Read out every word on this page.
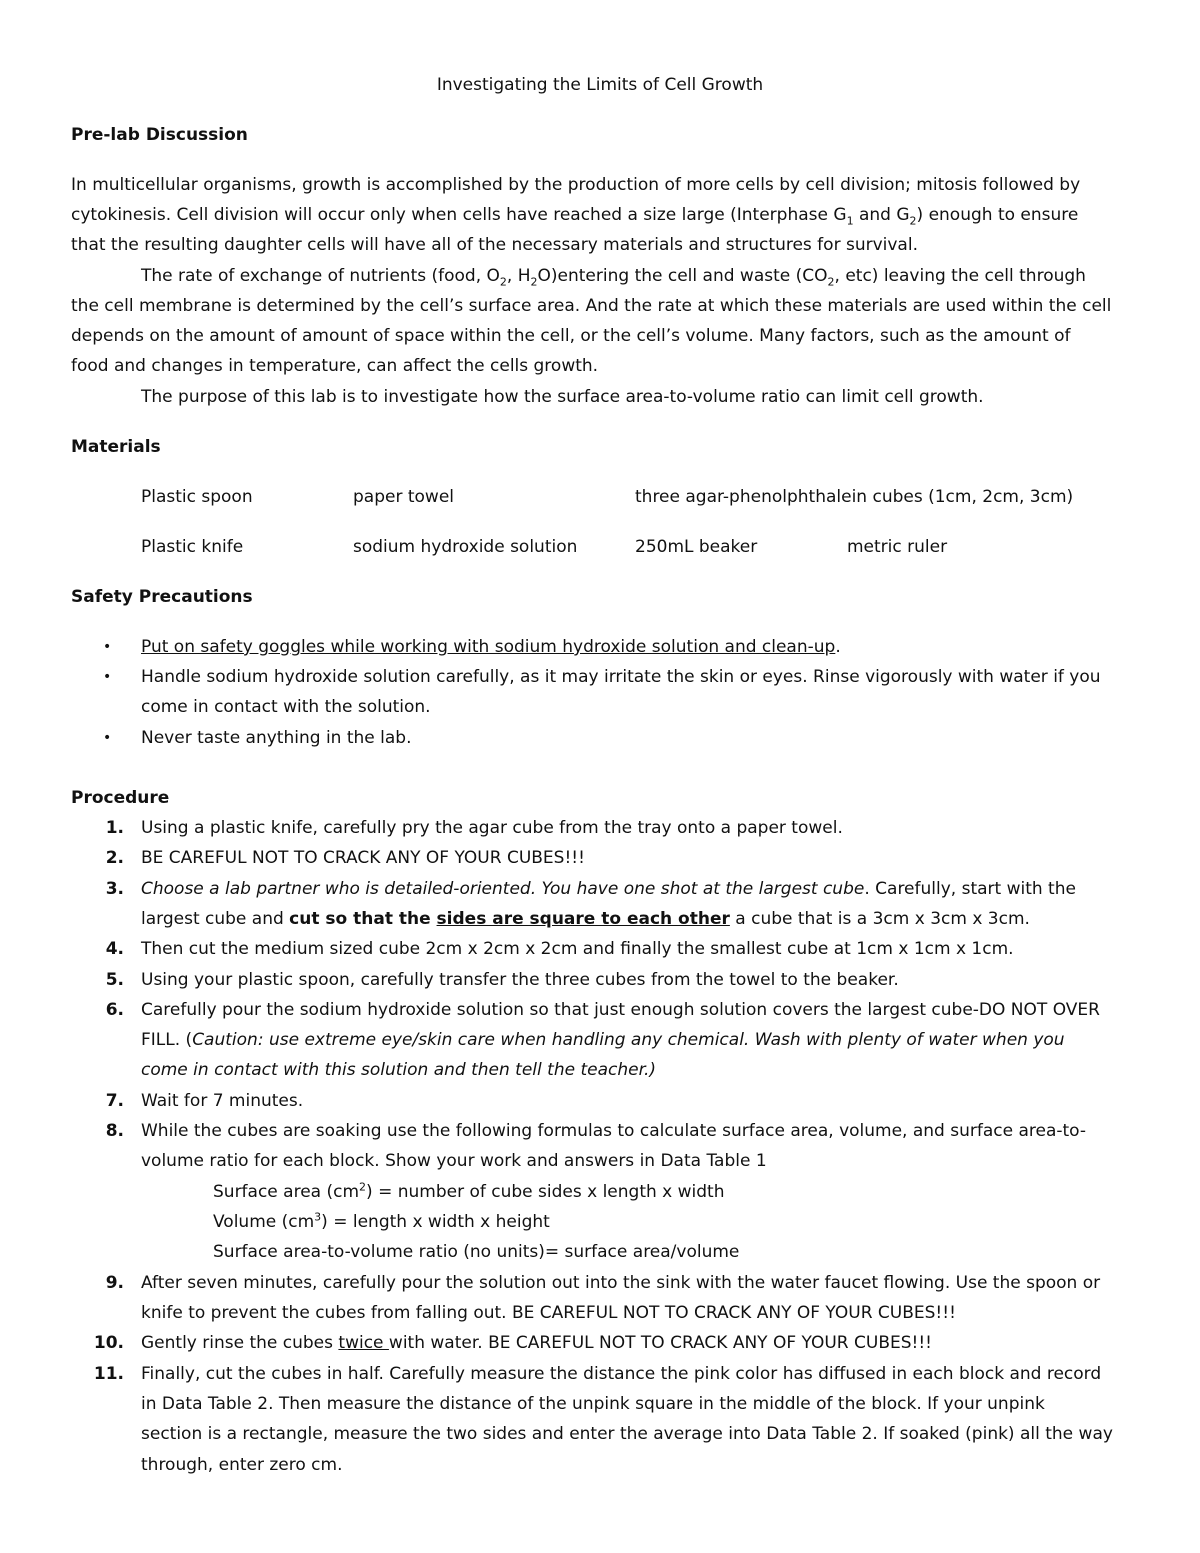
Investigating the Limits of Cell Growth
Pre-lab Discussion
In multicellular organisms, growth is accomplished by the production of more cells by cell division; mitosis followed by
cytokinesis. Cell division will occur only when cells have reached a size large (Interphase $G_1$ and $G_2$) enough to ensure
that the resulting daughter cells will have all of the necessary materials and structures for survival.
The rate of exchange of nutrients (food, $O_2$, $H_2O)entering$ the cell and waste ($CO_2$, etc) leaving the cell through
the cell membrane is determined by the cell’s surface area. And the rate at which these materials are used within the cell
depends on the amount of amount of space within the cell, or the cell’s volume. Many factors, such as the amount of
food and changes in temperature, can affect the cells growth.
The purpose of this lab is to investigate how the surface area-to-volume ratio can limit cell growth.
Materials
Plastic spoon	paper towel	three agar-phenolphthalein cubes (1cm, 2cm, 3cm)
Plastic knife	sodium hydroxide solution	250mL beaker	metric ruler
Safety Precautions
• Put on safety goggles while working with sodium hydroxide solution and clean-up.
• Handle sodium hydroxide solution carefully, as it may irritate the skin or eyes. Rinse vigorously with water if you
come in contact with the solution.
• Never taste anything in the lab.
Procedure
1. Using a plastic knife, carefully pry the agar cube from the tray onto a paper towel.
2. BE CAREFUL NOT TO CRACK ANY OF YOUR CUBES!!!
3. Choose a lab partner who is detailed-oriented. You have one shot at the largest cube. Carefully, start with the
largest cube and cut so that the sides are square to each other a cube that is a 3cm x 3cm x 3cm.
4. Then cut the medium sized cube 2cm x 2cm x 2cm and finally the smallest cube at 1cm x 1cm x 1cm.
5. Using your plastic spoon, carefully transfer the three cubes from the towel to the beaker.
6. Carefully pour the sodium hydroxide solution so that just enough solution covers the largest cube-DO NOT OVER
FILL. (Caution: use extreme eye/skin care when handling any chemical. Wash with plenty of water when you
come in contact with this solution and then tell the teacher.)
7. Wait for 7 minutes.
8. While the cubes are soaking use the following formulas to calculate surface area, volume, and surface area-to-
volume ratio for each block. Show your work and answers in Data Table 1
Surface area $(cm^2)$ = number of cube sides x length x width
Volume $(cm^3)$ = length x width x height
Surface area-to-volume ratio (no units)= surface area/volume
9. After seven minutes, carefully pour the solution out into the sink with the water faucet flowing. Use the spoon or
knife to prevent the cubes from falling out. BE CAREFUL NOT TO CRACK ANY OF YOUR CUBES!!!
10. Gently rinse the cubes twice with water. BE CAREFUL NOT TO CRACK ANY OF YOUR CUBES!!!
11. Finally, cut the cubes in half. Carefully measure the distance the pink color has diffused in each block and record
in Data Table 2. Then measure the distance of the unpink square in the middle of the block. If your unpink
section is a rectangle, measure the two sides and enter the average into Data Table 2. If soaked (pink) all the way
through, enter zero cm.
